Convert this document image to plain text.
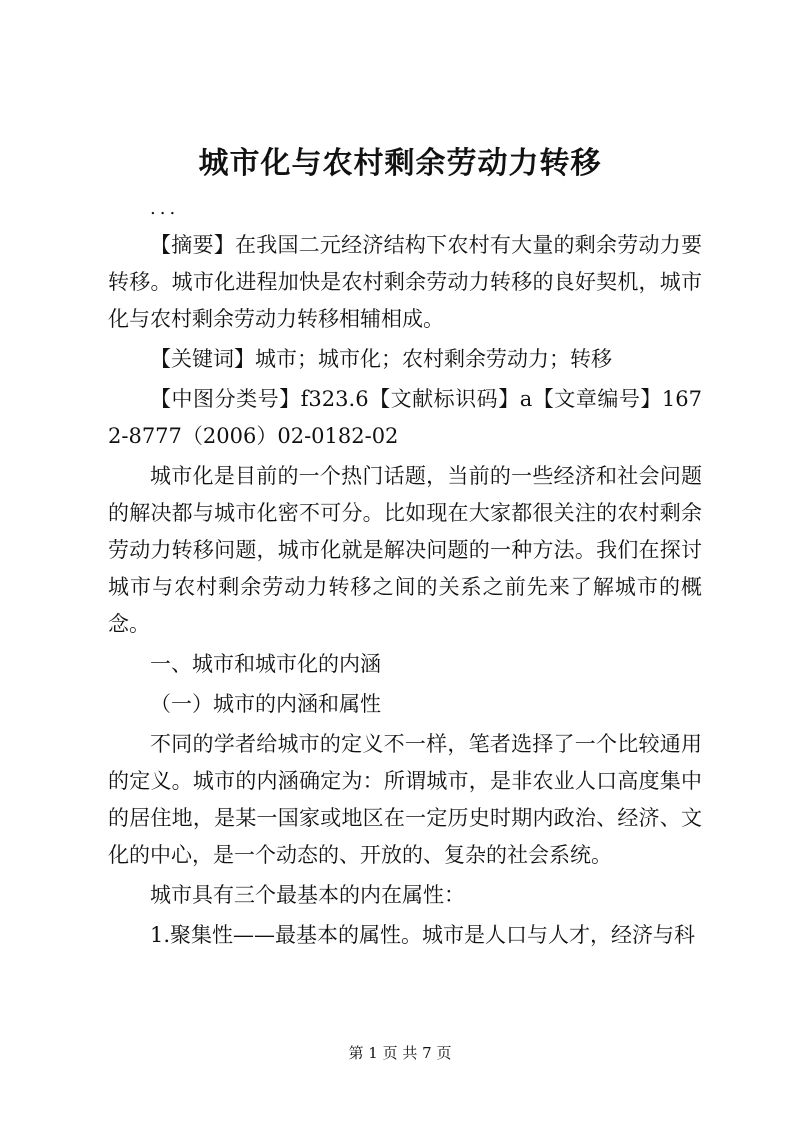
城市化与农村剩余劳动力转移
...

【摘要】在我国二元经济结构下农村有大量的剩余劳动力要转移。城市化进程加快是农村剩余劳动力转移的良好契机，城市化与农村剩余劳动力转移相辅相成。

【关键词】城市；城市化；农村剩余劳动力；转移

【中图分类号】f323.6【文献标识码】a【文章编号】1672-8777（2006）02-0182-02

城市化是目前的一个热门话题，当前的一些经济和社会问题的解决都与城市化密不可分。比如现在大家都很关注的农村剩余劳动力转移问题，城市化就是解决问题的一种方法。我们在探讨城市与农村剩余劳动力转移之间的关系之前先来了解城市的概念。

一、城市和城市化的内涵

（一）城市的内涵和属性

不同的学者给城市的定义不一样，笔者选择了一个比较通用的定义。城市的内涵确定为：所谓城市，是非农业人口高度集中的居住地，是某一国家或地区在一定历史时期内政治、经济、文化的中心，是一个动态的、开放的、复杂的社会系统。

城市具有三个最基本的内在属性：

1.聚集性——最基本的属性。城市是人口与人才，经济与科

第 1 页 共 7 页
